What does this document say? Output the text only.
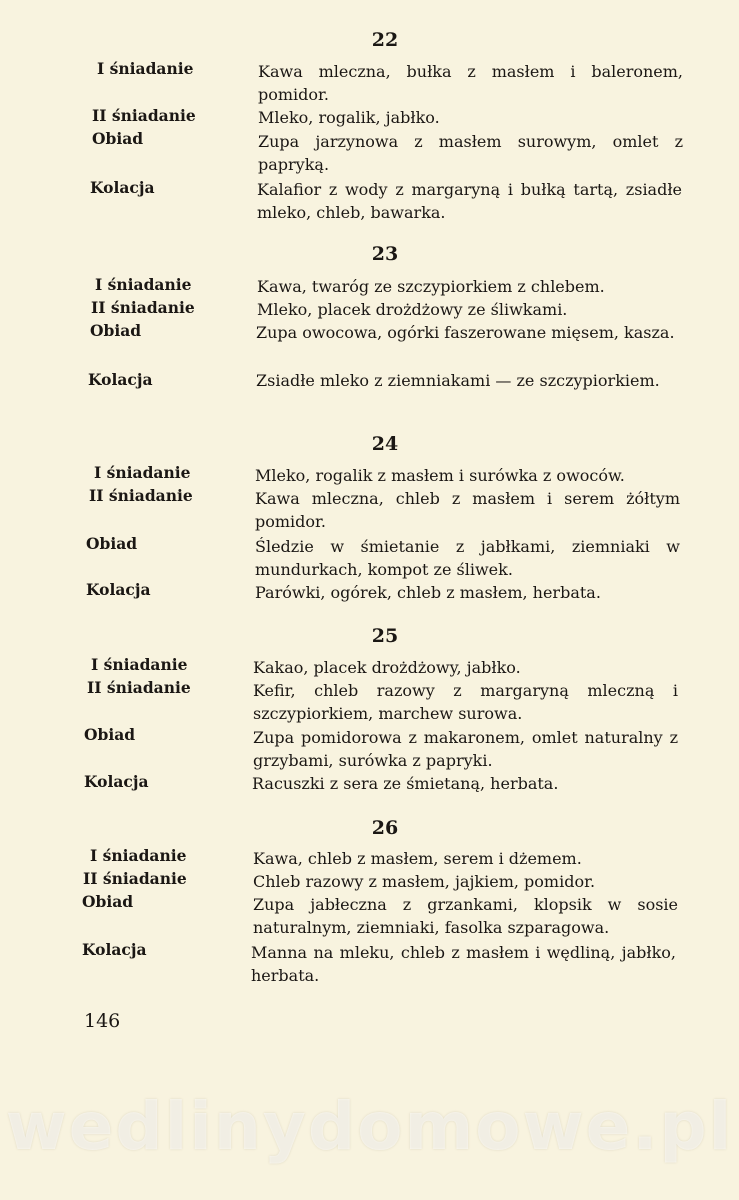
22
I śniadanie	Kawa mleczna, bułka z masłem i baleronem, pomidor.
II śniadanie	Mleko, rogalik, jabłko.
Obiad	Zupa jarzynowa z masłem surowym, omlet z papryką.
Kolacja	Kalafior z wody z margaryną i bułką tartą, zsiadłe mleko, chleb, bawarka.
23
I śniadanie	Kawa, twaróg ze szczypiorkiem z chlebem.
II śniadanie	Mleko, placek drożdżowy ze śliwkami.
Obiad	Zupa owocowa, ogórki faszerowane mięsem, kasza.
Kolacja	Zsiadłe mleko z ziemniakami — ze szczypiorkiem.
24
I śniadanie	Mleko, rogalik z masłem i surówka z owoców.
II śniadanie	Kawa mleczna, chleb z masłem i serem żółtym pomidor.
Obiad	Śledzie w śmietanie z jabłkami, ziemniaki w mundurkach, kompot ze śliwek.
Kolacja	Parówki, ogórek, chleb z masłem, herbata.
25
I śniadanie	Kakao, placek drożdżowy, jabłko.
II śniadanie	Kefir, chleb razowy z margaryną mleczną i szczypiorkiem, marchew surowa.
Obiad	Zupa pomidorowa z makaronem, omlet naturalny z grzybami, surówka z papryki.
Kolacja	Racuszki z sera ze śmietaną, herbata.
26
I śniadanie	Kawa, chleb z masłem, serem i dżemem.
II śniadanie	Chleb razowy z masłem, jajkiem, pomidor.
Obiad	Zupa jabłeczna z grzankami, klopsik w sosie naturalnym, ziemniaki, fasolka szparagowa.
Kolacja	Manna na mleku, chleb z masłem i wędliną, jabłko, herbata.
146
wedlinydomowe.pl
